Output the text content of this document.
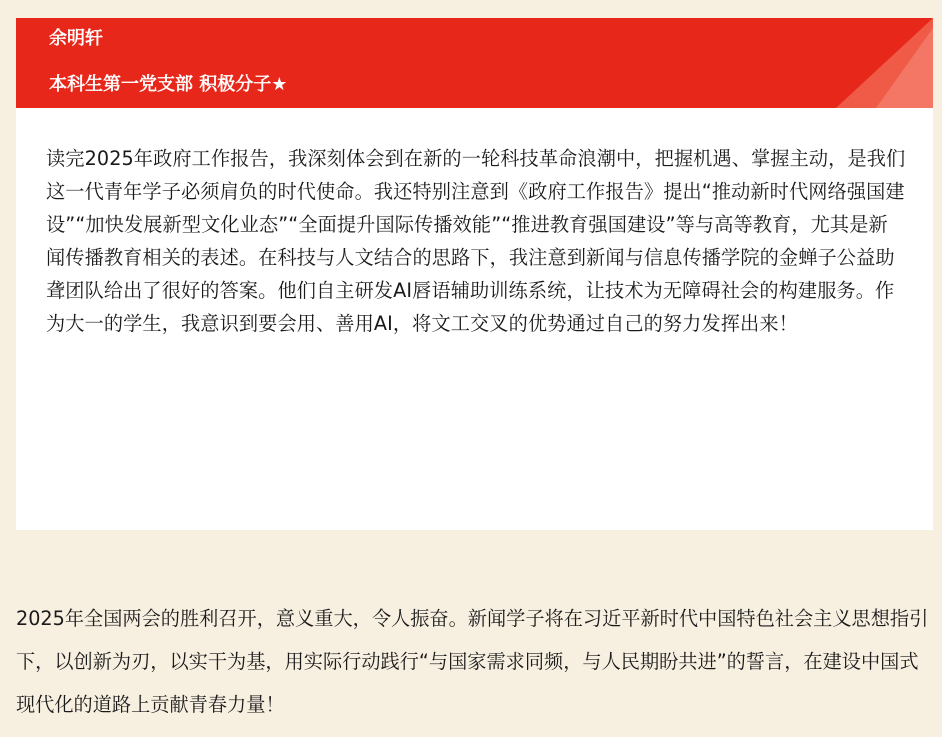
余明轩

本科生第一党支部 积极分子★

读完2025年政府工作报告，我深刻体会到在新的一轮科技革命浪潮中，把握机遇、掌握主动，是我们这一代青年学子必须肩负的时代使命。我还特别注意到《政府工作报告》提出“推动新时代网络强国建设”“加快发展新型文化业态”“全面提升国际传播效能”“推进教育强国建设”等与高等教育，尤其是新闻传播教育相关的表述。在科技与人文结合的思路下，我注意到新闻与信息传播学院的金蝉子公益助聋团队给出了很好的答案。他们自主研发AI唇语辅助训练系统，让技术为无障碍社会的构建服务。作为大一的学生，我意识到要会用、善用AI，将文工交叉的优势通过自己的努力发挥出来！

2025年全国两会的胜利召开，意义重大，令人振奋。新闻学子将在习近平新时代中国特色社会主义思想指引下，以创新为刃，以实干为基，用实际行动践行“与国家需求同频，与人民期盼共进”的誓言，在建设中国式现代化的道路上贡献青春力量！
